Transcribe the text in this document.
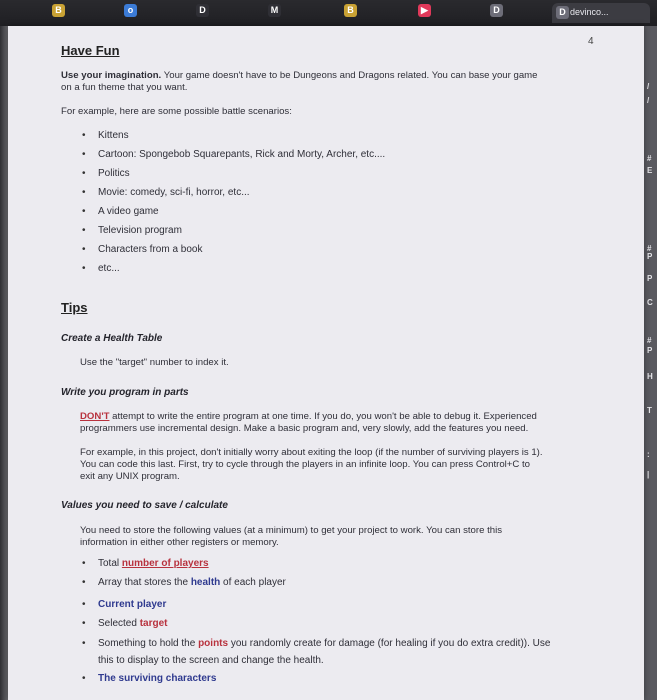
B	o	D	M	B	▶	D	D devinco...
/
/
#
E
#
P
P
C
#
P
H
T
:
|
4
Have Fun
Use your imagination. Your game doesn't have to be Dungeons and Dragons related. You can base your game
on a fun theme that you want.
For example, here are some possible battle scenarios:
• Kittens
• Cartoon: Spongebob Squarepants, Rick and Morty, Archer, etc....
• Politics
• Movie: comedy, sci-fi, horror, etc...
• A video game
• Television program
• Characters from a book
• etc...
Tips
Create a Health Table
Use the "target" number to index it.
Write you program in parts
DON'T attempt to write the entire program at one time. If you do, you won't be able to debug it. Experienced
programmers use incremental design. Make a basic program and, very slowly, add the features you need.
For example, in this project, don't initially worry about exiting the loop (if the number of surviving players is 1).
You can code this last. First, try to cycle through the players in an infinite loop. You can press Control+C to
exit any UNIX program.
Values you need to save / calculate
You need to store the following values (at a minimum) to get your project to work. You can store this
information in either other registers or memory.
• Total number of players
• Array that stores the health of each player
• Current player
• Selected target
• Something to hold the points you randomly create for damage (for healing if you do extra credit)). Use
this to display to the screen and change the health.
• The surviving characters
